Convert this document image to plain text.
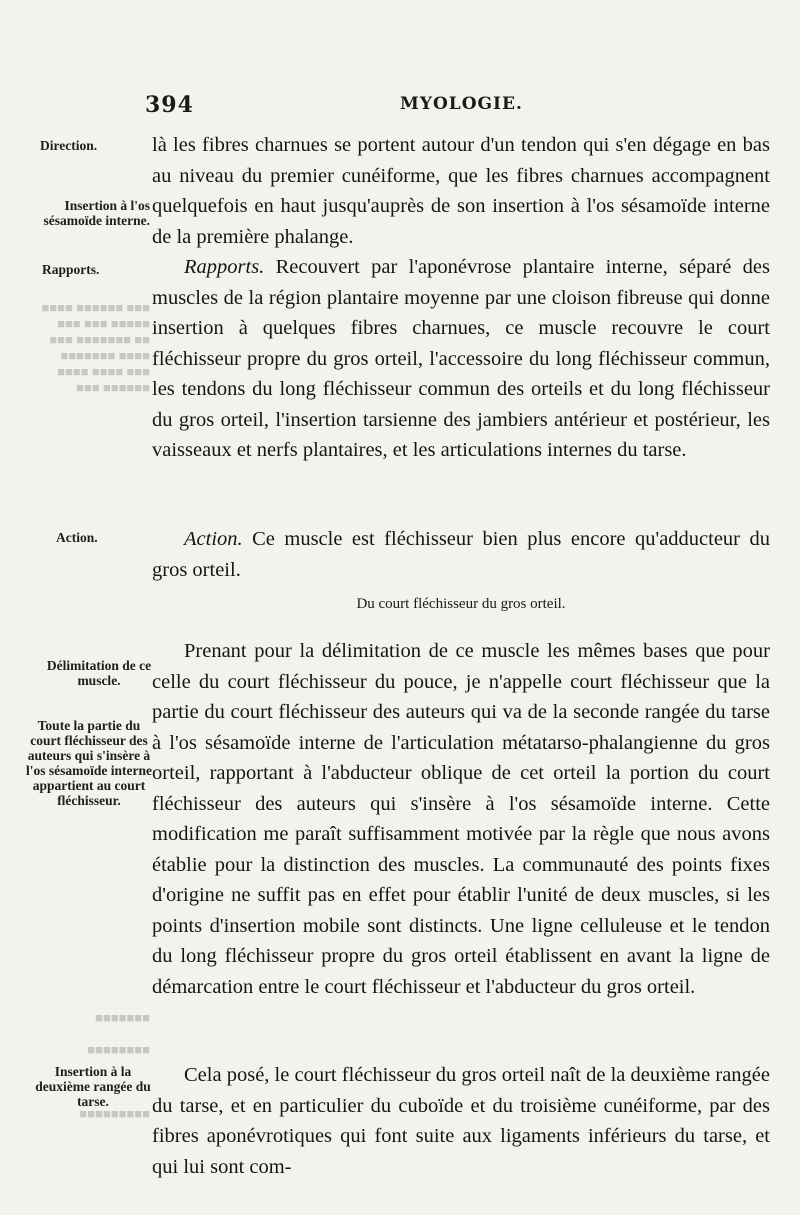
■■■ ■■■■■■ ■■■■
■■■■■ ■■■ ■■■
■■ ■■■■■■■ ■■■
■■■■ ■■■■■■■
■■■ ■■■■ ■■■■
■■■■■■ ■■■
■■■■■■■

■■■■■■■■

■■■■■■■■■
394	MYOLOGIE.
Direction.
Insertion à l'os sésamoïde interne.
Rapports.
Action.
Délimitation de ce muscle.
Toute la partie du court fléchisseur des auteurs qui s'insère à l'os sésamoïde interne appartient au court fléchisseur.
Insertion à la deuxième rangée du tarse.

là les fibres charnues se portent autour d'un tendon qui s'en dégage en bas au niveau du premier cunéiforme, que les fibres charnues accompagnent quelquefois en haut jusqu'auprès de son insertion à l'os sésamoïde interne de la première phalange.

Rapports. Recouvert par l'aponévrose plantaire interne, séparé des muscles de la région plantaire moyenne par une cloison fibreuse qui donne insertion à quelques fibres charnues, ce muscle recouvre le court fléchisseur propre du gros orteil, l'accessoire du long fléchisseur commun, les tendons du long fléchisseur commun des orteils et du long fléchisseur du gros orteil, l'insertion tarsienne des jambiers antérieur et postérieur, les vaisseaux et nerfs plantaires, et les articulations internes du tarse.

Action. Ce muscle est fléchisseur bien plus encore qu'adducteur du gros orteil.

Du court fléchisseur du gros orteil.

Prenant pour la délimitation de ce muscle les mêmes bases que pour celle du court fléchisseur du pouce, je n'appelle court fléchisseur que la partie du court fléchisseur des auteurs qui va de la seconde rangée du tarse à l'os sésamoïde interne de l'articulation métatarso-phalangienne du gros orteil, rapportant à l'abducteur oblique de cet orteil la portion du court fléchisseur des auteurs qui s'insère à l'os sésamoïde interne. Cette modification me paraît suffisamment motivée par la règle que nous avons établie pour la distinction des muscles. La communauté des points fixes d'origine ne suffit pas en effet pour établir l'unité de deux muscles, si les points d'insertion mobile sont distincts. Une ligne celluleuse et le tendon du long fléchisseur propre du gros orteil établissent en avant la ligne de démarcation entre le court fléchisseur et l'abducteur du gros orteil.

Cela posé, le court fléchisseur du gros orteil naît de la deuxième rangée du tarse, et en particulier du cuboïde et du troisième cunéiforme, par des fibres aponévrotiques qui font suite aux ligaments inférieurs du tarse, et qui lui sont com-
